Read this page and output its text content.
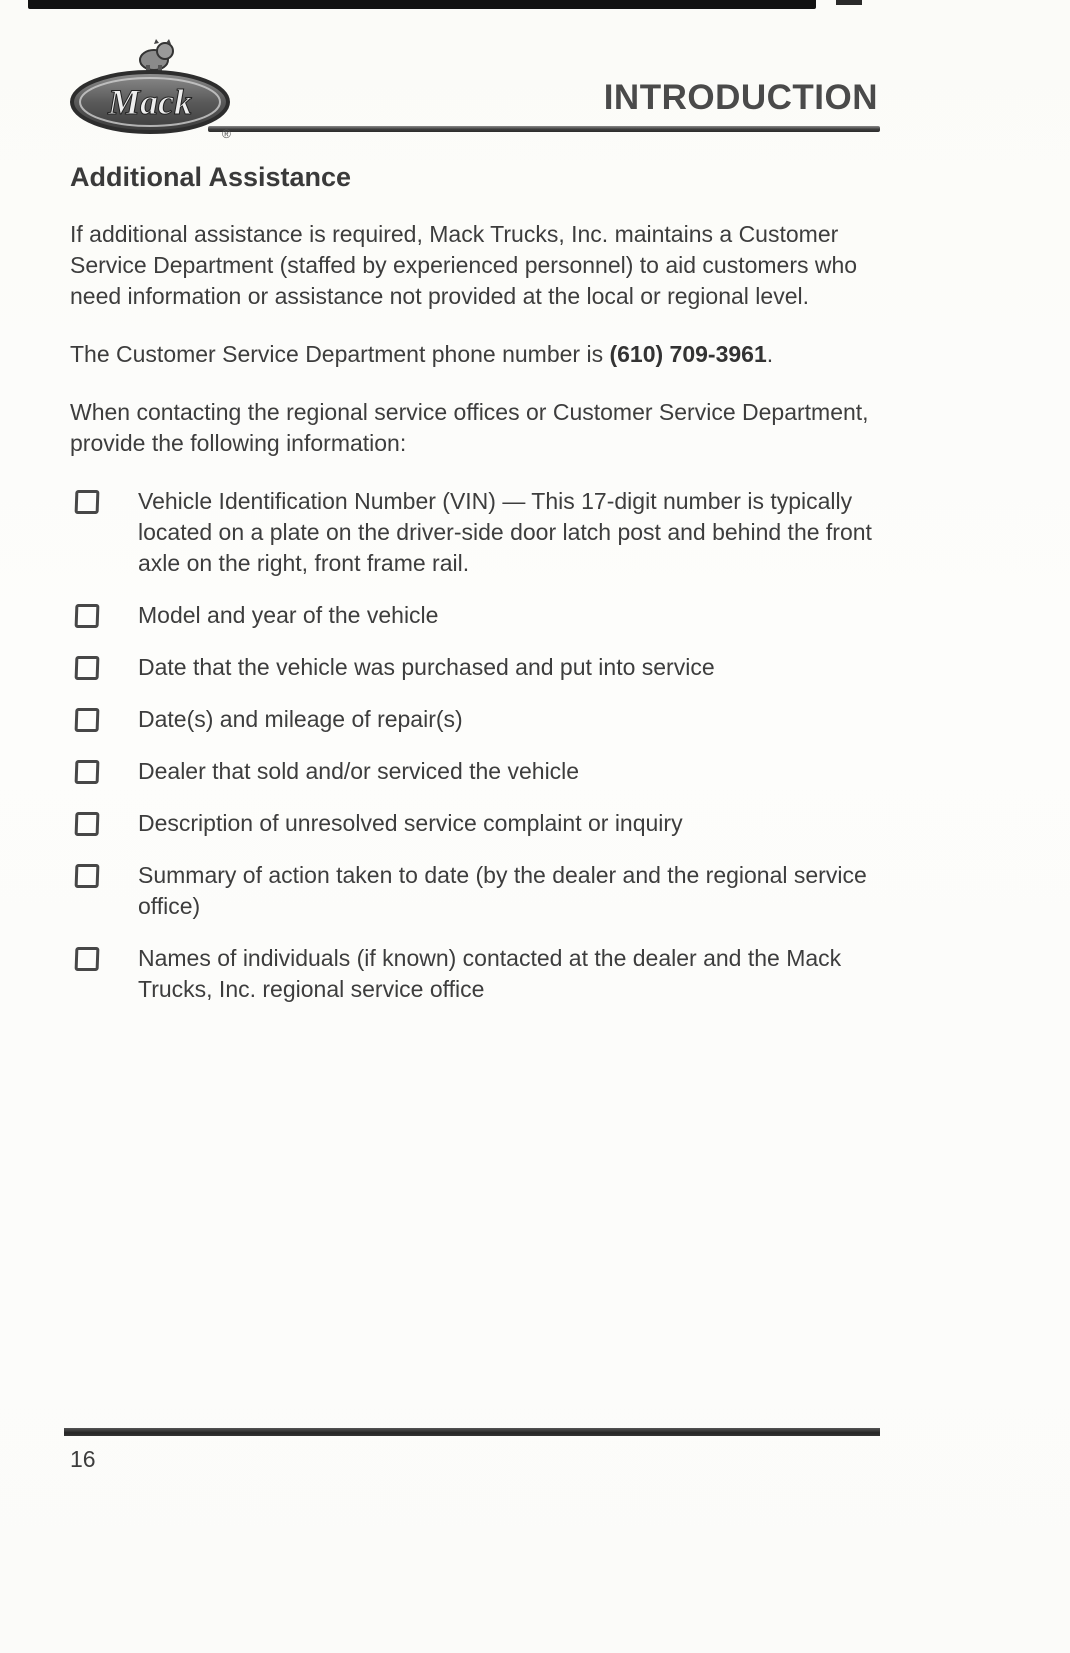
Mack
®
INTRODUCTION
Additional Assistance

If additional assistance is required, Mack Trucks, Inc. maintains a Customer Service Department (staffed by experienced personnel) to aid customers who need information or assistance not provided at the local or regional level.

The Customer Service Department phone number is (610) 709-3961.

When contacting the regional service offices or Customer Service Department, provide the following information:

Vehicle Identification Number (VIN) — This 17-digit number is typically located on a plate on the driver-side door latch post and behind the front axle on the right, front frame rail.
Model and year of the vehicle
Date that the vehicle was purchased and put into service
Date(s) and mileage of repair(s)
Dealer that sold and/or serviced the vehicle
Description of unresolved service complaint or inquiry
Summary of action taken to date (by the dealer and the regional service office)
Names of individuals (if known) contacted at the dealer and the Mack Trucks, Inc. regional service office
16
